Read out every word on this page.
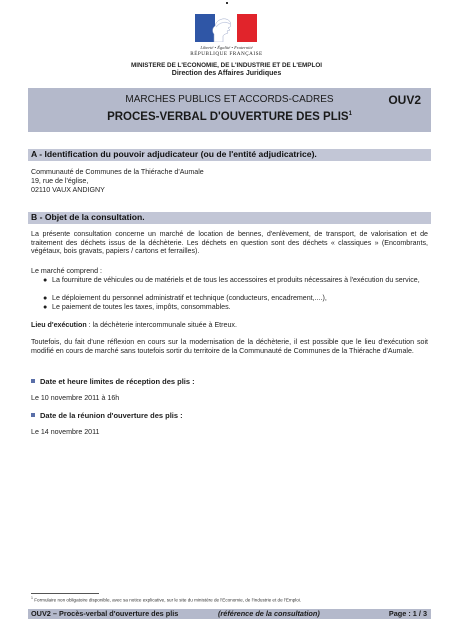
Liberté • Égalité • Fraternité
RÉPUBLIQUE FRANÇAISE
MINISTERE DE L'ECONOMIE, DE L'INDUSTRIE ET DE L'EMPLOI
Direction des Affaires Juridiques
MARCHES PUBLICS ET ACCORDS-CADRES	OUV2
PROCES-VERBAL D'OUVERTURE DES PLIS$^1$
A - Identification du pouvoir adjudicateur (ou de l'entité adjudicatrice).
Communauté de Communes de la Thiérache d'Aumale
19, rue de l'église,
02110 VAUX ANDIGNY
B - Objet de la consultation.
La présente consultation concerne un marché de location de bennes, d'enlèvement, de transport, de valorisation et de traitement des déchets issus de la déchèterie. Les déchets en question sont des déchets « classiques » (Encombrants, végétaux, bois gravats, papiers / cartons et ferrailles).
Le marché comprend :
● La fourniture de véhicules ou de matériels et de tous les accessoires et produits nécessaires à l'exécution du service,
● Le déploiement du personnel administratif et technique (conducteurs, encadrement,....),
● Le paiement de toutes les taxes, impôts, consommables.
Lieu d'exécution : la déchèterie intercommunale située à Etreux.
Toutefois, du fait d'une réflexion en cours sur la modernisation de la déchèterie, il est possible que le lieu d'exécution soit modifié en cours de marché sans toutefois sortir du territoire de la Communauté de Communes de la Thiérache d'Aumale.
Date et heure limites de réception des plis :
Le 10 novembre 2011 à 16h
Date de la réunion d'ouverture des plis :
Le 14 novembre 2011
$^1$ Formulaire non obligatoire disponible, avec sa notice explicative, sur le site du ministère de l'Economie, de l'Industrie et de l'Emploi.
OUV2 – Procès-verbal d'ouverture des plis	(référence de la consultation)	Page : 1 / 3
